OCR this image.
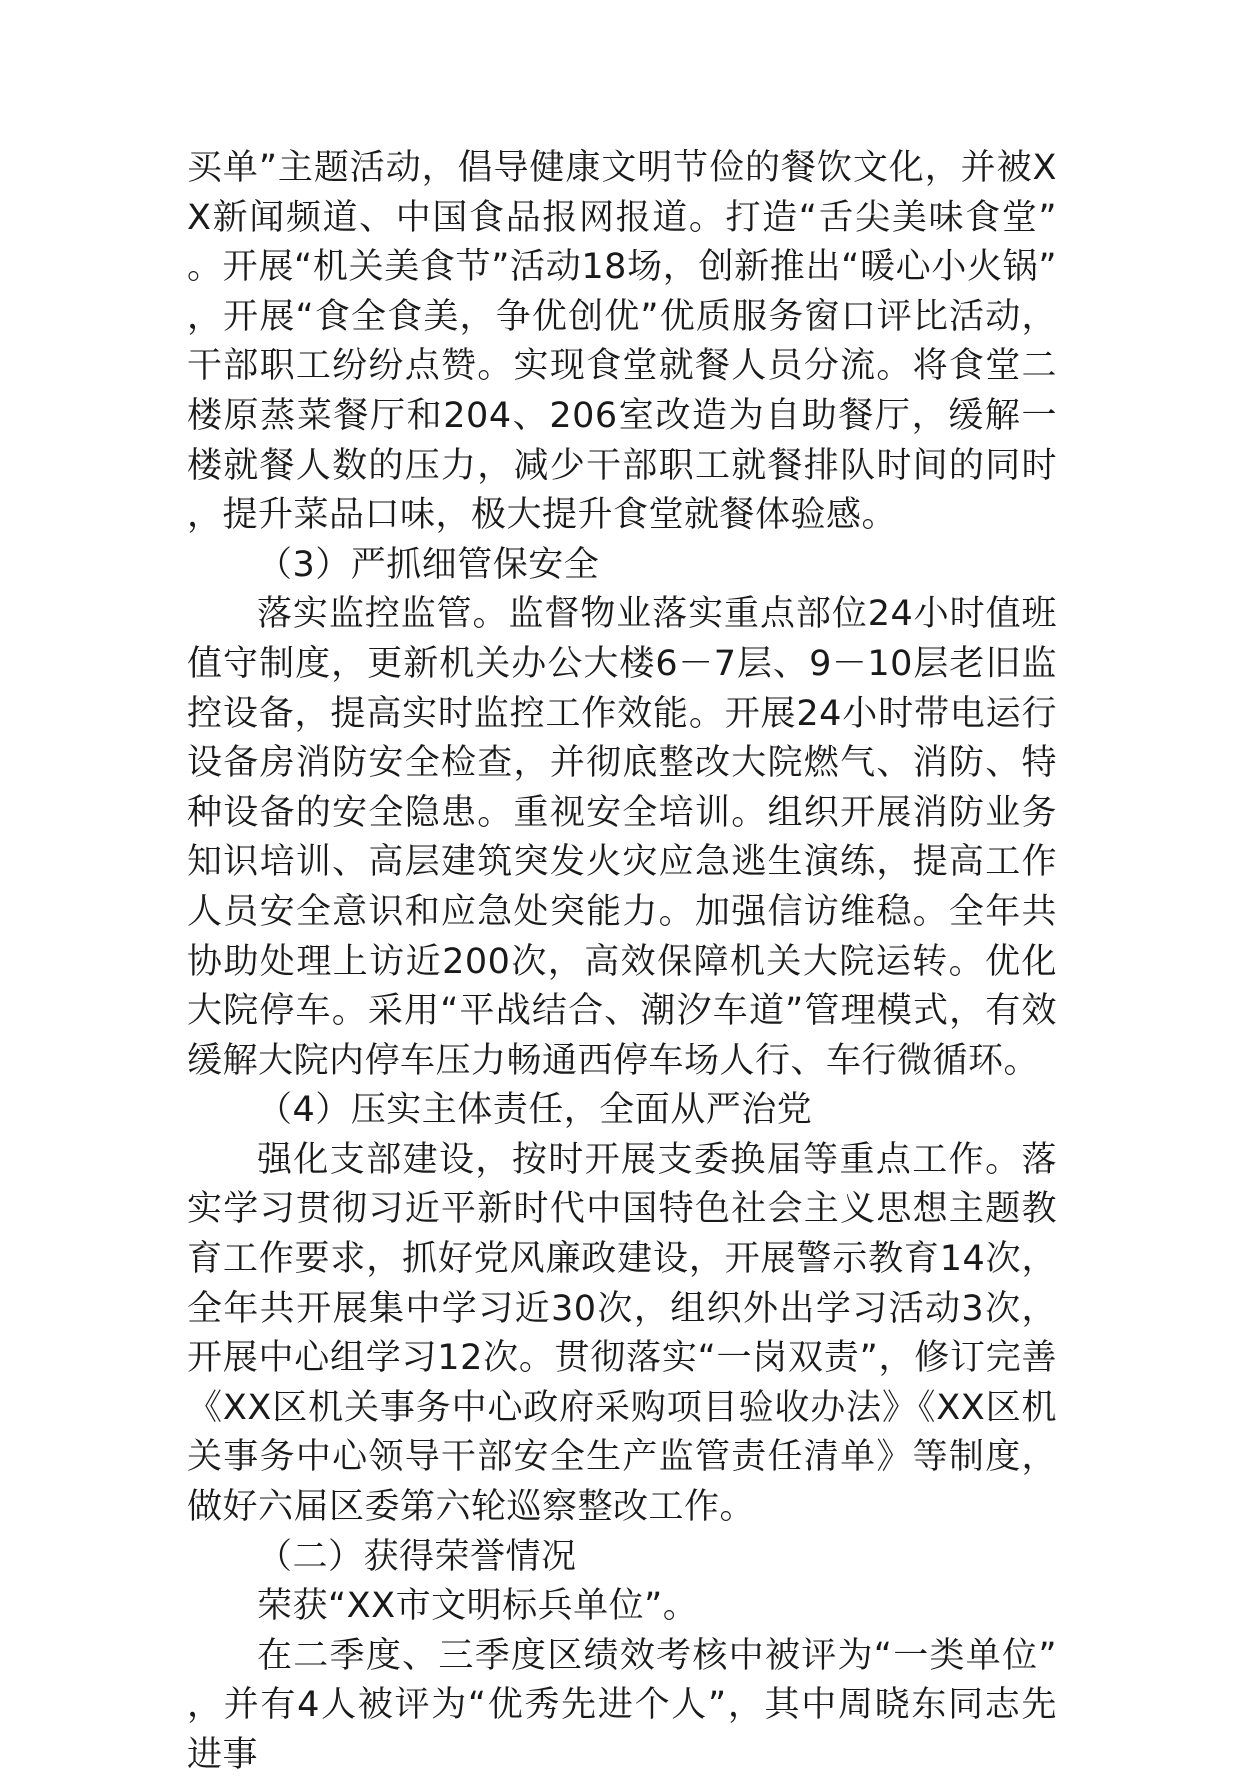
买单”主题活动，倡导健康文明节俭的餐饮文化，并被XX新闻频道、中国食品报网报道。打造“舌尖美味食堂”。开展“机关美食节”活动18场，创新推出“暖心小火锅”，开展“食全食美，争优创优”优质服务窗口评比活动，干部职工纷纷点赞。实现食堂就餐人员分流。将食堂二楼原蒸菜餐厅和204、206室改造为自助餐厅，缓解一楼就餐人数的压力，减少干部职工就餐排队时间的同时，提升菜品口味，极大提升食堂就餐体验感。

（3）严抓细管保安全

落实监控监管。监督物业落实重点部位24小时值班值守制度，更新机关办公大楼6－7层、9－10层老旧监控设备，提高实时监控工作效能。开展24小时带电运行设备房消防安全检查，并彻底整改大院燃气、消防、特种设备的安全隐患。重视安全培训。组织开展消防业务知识培训、高层建筑突发火灾应急逃生演练，提高工作人员安全意识和应急处突能力。加强信访维稳。全年共协助处理上访近200次，高效保障机关大院运转。优化大院停车。采用“平战结合、潮汐车道”管理模式，有效缓解大院内停车压力畅通西停车场人行、车行微循环。

（4）压实主体责任，全面从严治党

强化支部建设，按时开展支委换届等重点工作。落实学习贯彻习近平新时代中国特色社会主义思想主题教育工作要求，抓好党风廉政建设，开展警示教育14次，全年共开展集中学习近30次，组织外出学习活动3次，开展中心组学习12次。贯彻落实“一岗双责”，修订完善《XX区机关事务中心政府采购项目验收办法》《XX区机关事务中心领导干部安全生产监管责任清单》等制度，做好六届区委第六轮巡察整改工作。

（二）获得荣誉情况

荣获“XX市文明标兵单位”。

在二季度、三季度区绩效考核中被评为“一类单位”，并有4人被评为“优秀先进个人”，其中周晓东同志先进事
